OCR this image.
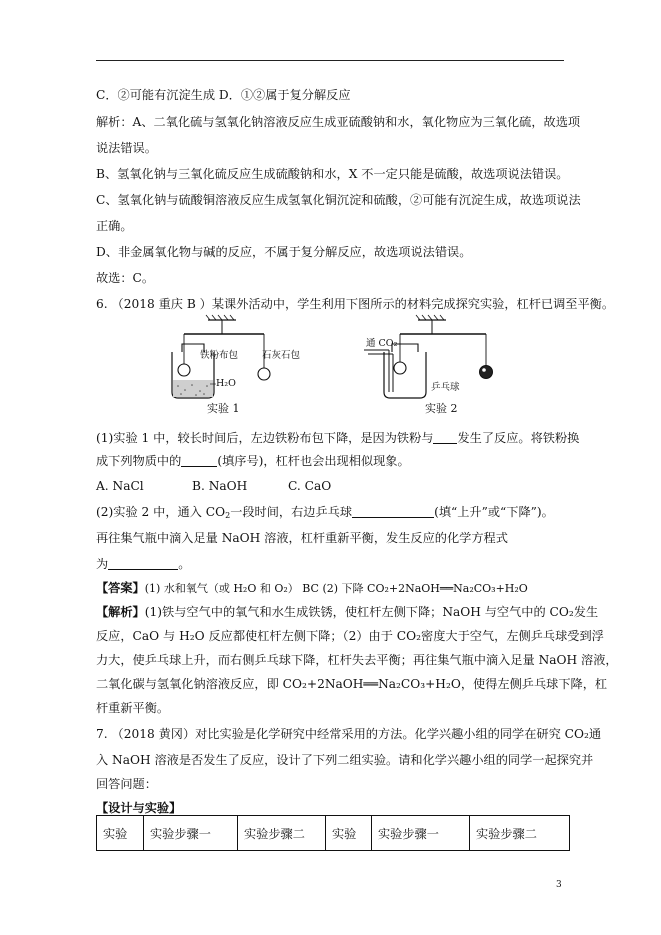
C．②可能有沉淀生成 D．①②属于复分解反应
解析：A、二氧化硫与氢氧化钠溶液反应生成亚硫酸钠和水，氧化物应为三氧化硫，故选项
说法错误。
B、氢氧化钠与三氧化硫反应生成硫酸钠和水，X 不一定只能是硫酸，故选项说法错误。
C、氢氧化钠与硫酸铜溶液反应生成氢氧化铜沉淀和硫酸，②可能有沉淀生成，故选项说法
正确。
D、非金属氧化物与碱的反应，不属于复分解反应，故选项说法错误。
故选：C。
6. （2018 重庆 B ）某课外活动中，学生利用下图所示的材料完成探究实验，杠杆已调至平衡。
铁粉布包	石灰石包
H₂O
实验 1
通 CO₂
乒乓球
实验 2
(1)实验 1 中，较长时间后，左边铁粉布包下降，是因为铁粉与 发生了反应。将铁粉换
成下列物质中的	(填序号)，杠杆也会出现相似现象。
A. NaCl	B. NaOH	C. CaO
(2)实验 2 中，通入 $CO_2$一段时间，右边乒乓球	(填“上升”或“下降”)。
再往集气瓶中滴入足量 NaOH 溶液，杠杆重新平衡，发生反应的化学方程式
为	。
【答案】(1) 水和氧气（或 H₂O 和 O₂） BC (2) 下降 CO₂+2NaOH══Na₂CO₃+H₂O
【解析】(1)铁与空气中的氧气和水生成铁锈，使杠杆左侧下降；NaOH 与空气中的 CO₂发生
反应，CaO 与 H₂O 反应都使杠杆左侧下降；（2）由于 CO₂密度大于空气，左侧乒乓球受到浮
力大，使乒乓球上升，而右侧乒乓球下降，杠杆失去平衡；再往集气瓶中滴入足量 NaOH 溶液，
二氧化碳与氢氧化钠溶液反应，即 CO₂+2NaOH══Na₂CO₃+H₂O，使得左侧乒乓球下降，杠
杆重新平衡。
7. （2018 黄冈）对比实验是化学研究中经常采用的方法。化学兴趣小组的同学在研究 CO₂通
入 NaOH 溶液是否发生了反应，设计了下列二组实验。请和化学兴趣小组的同学一起探究并
回答问题：
【设计与实验】
实验	实验步骤一	实验步骤二	实验	实验步骤一	实验步骤二
3
